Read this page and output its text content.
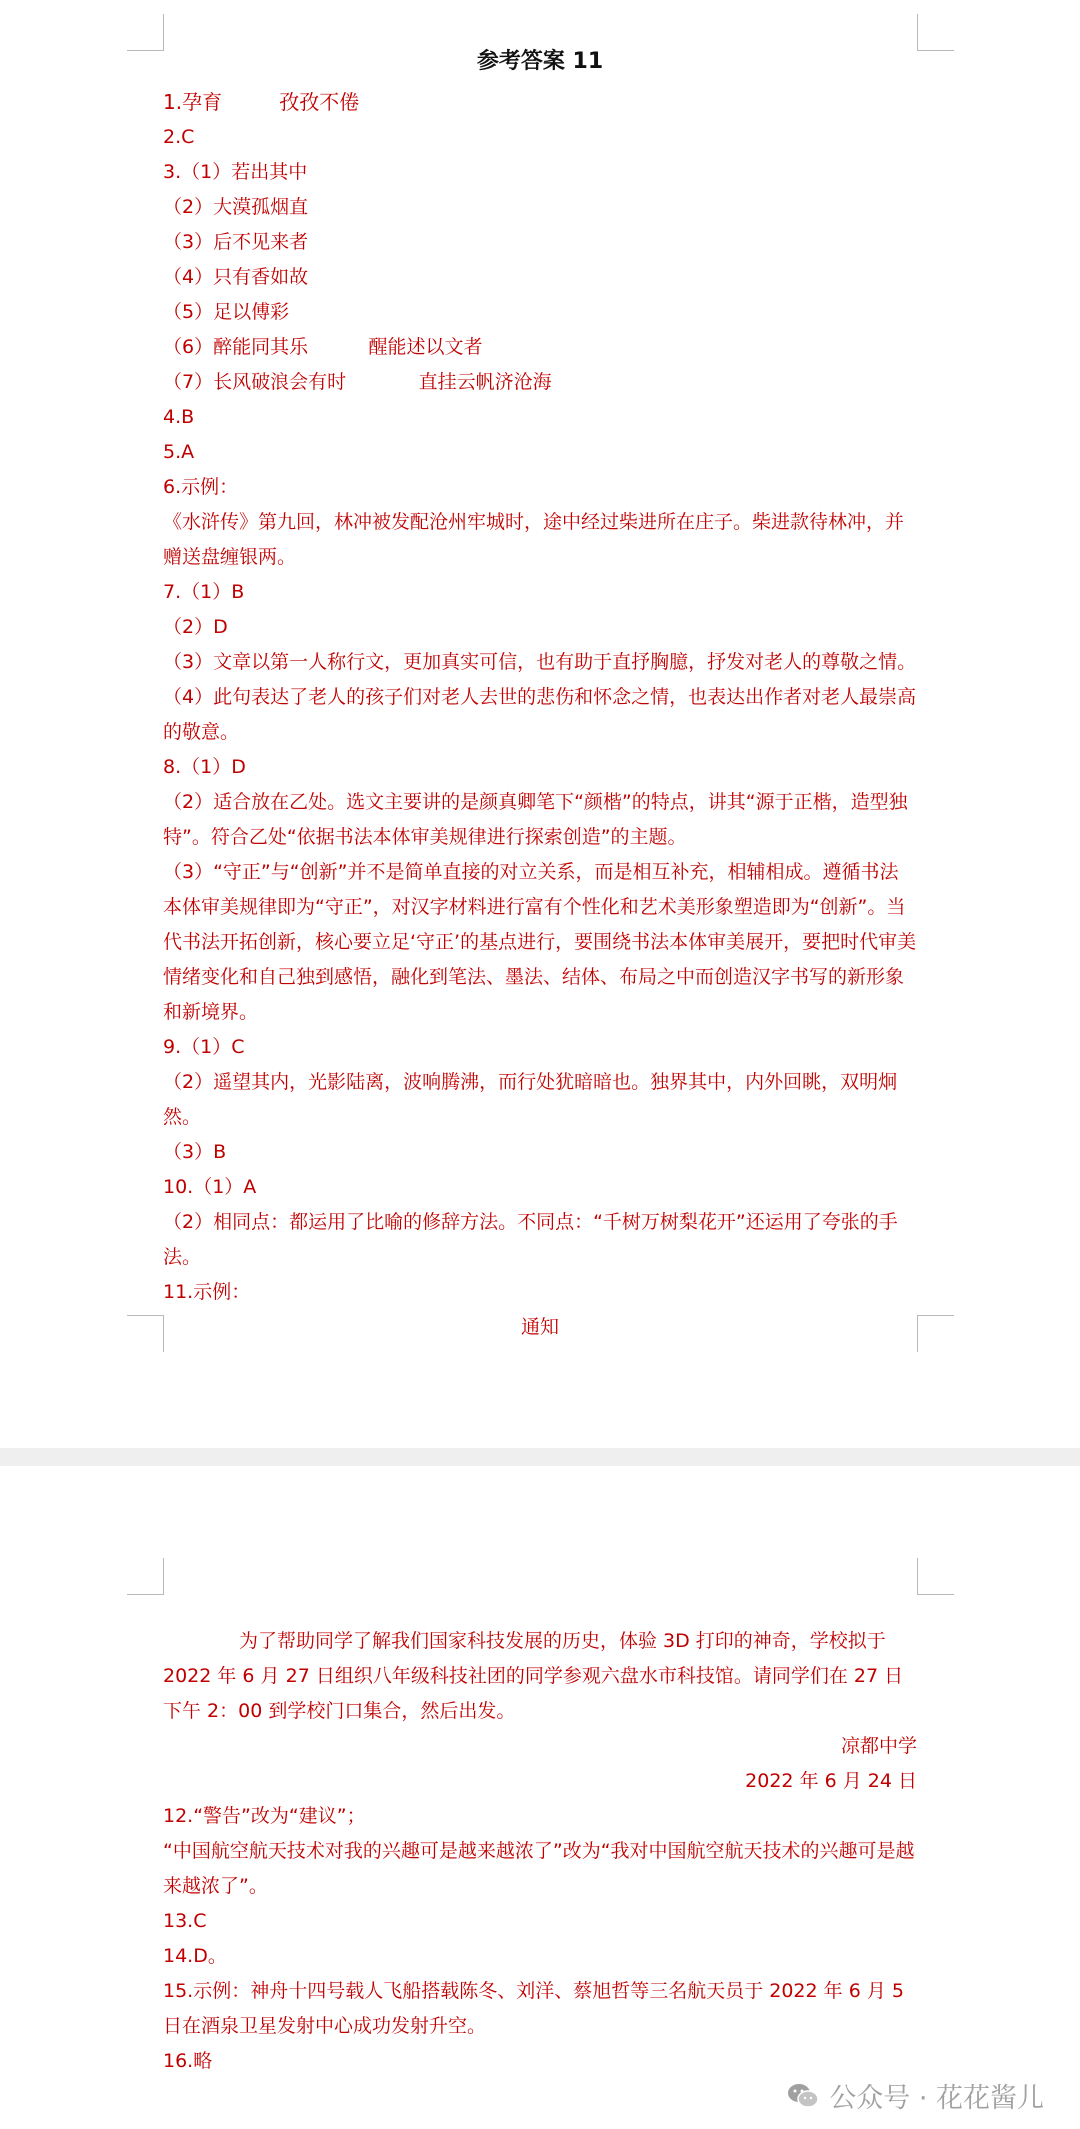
参考答案 11
1.孕育         孜孜不倦
2.C
3.（1）若出其中
（2）大漠孤烟直
（3）后不见来者
（4）只有香如故
（5）足以傅彩
（6）醉能同其乐          醒能述以文者
（7）长风破浪会有时            直挂云帆济沧海
4.B
5.A
6.示例：
《水浒传》第九回，林冲被发配沧州牢城时，途中经过柴进所在庄子。柴进款待林冲，并赠送盘缠银两。
7.（1）B
（2）D
（3）文章以第一人称行文，更加真实可信，也有助于直抒胸臆，抒发对老人的尊敬之情。
（4）此句表达了老人的孩子们对老人去世的悲伤和怀念之情，也表达出作者对老人最崇高的敬意。
8.（1）D
（2）适合放在乙处。选文主要讲的是颜真卿笔下“颜楷”的特点，讲其“源于正楷，造型独特”。符合乙处“依据书法本体审美规律进行探索创造”的主题。
（3）“守正”与“创新”并不是简单直接的对立关系，而是相互补充，相辅相成。遵循书法本体审美规律即为“守正”，对汉字材料进行富有个性化和艺术美形象塑造即为“创新”。当代书法开拓创新，核心要立足‘守正’的基点进行，要围绕书法本体审美展开，要把时代审美情绪变化和自己独到感悟，融化到笔法、墨法、结体、布局之中而创造汉字书写的新形象和新境界。
9.（1）C
（2）遥望其内，光影陆离，波响腾沸，而行处犹暗暗也。独界其中，内外回眺，双明炯然。
（3）B
10.（1）A
（2）相同点：都运用了比喻的修辞方法。不同点：“千树万树梨花开”还运用了夸张的手法。
11.示例：
通知
为了帮助同学了解我们国家科技发展的历史，体验 3D 打印的神奇，学校拟于 2022 年 6 月 27 日组织八年级科技社团的同学参观六盘水市科技馆。请同学们在 27 日下午 2：00 到学校门口集合，然后出发。
凉都中学
2022 年 6 月 24 日
12.“警告”改为“建议”；
“中国航空航天技术对我的兴趣可是越来越浓了”改为“我对中国航空航天技术的兴趣可是越来越浓了”。
13.C
14.D。
15.示例：神舟十四号载人飞船搭载陈冬、刘洋、蔡旭哲等三名航天员于 2022 年 6 月 5 日在酒泉卫星发射中心成功发射升空。
16.略
公众号 · 花花酱儿
